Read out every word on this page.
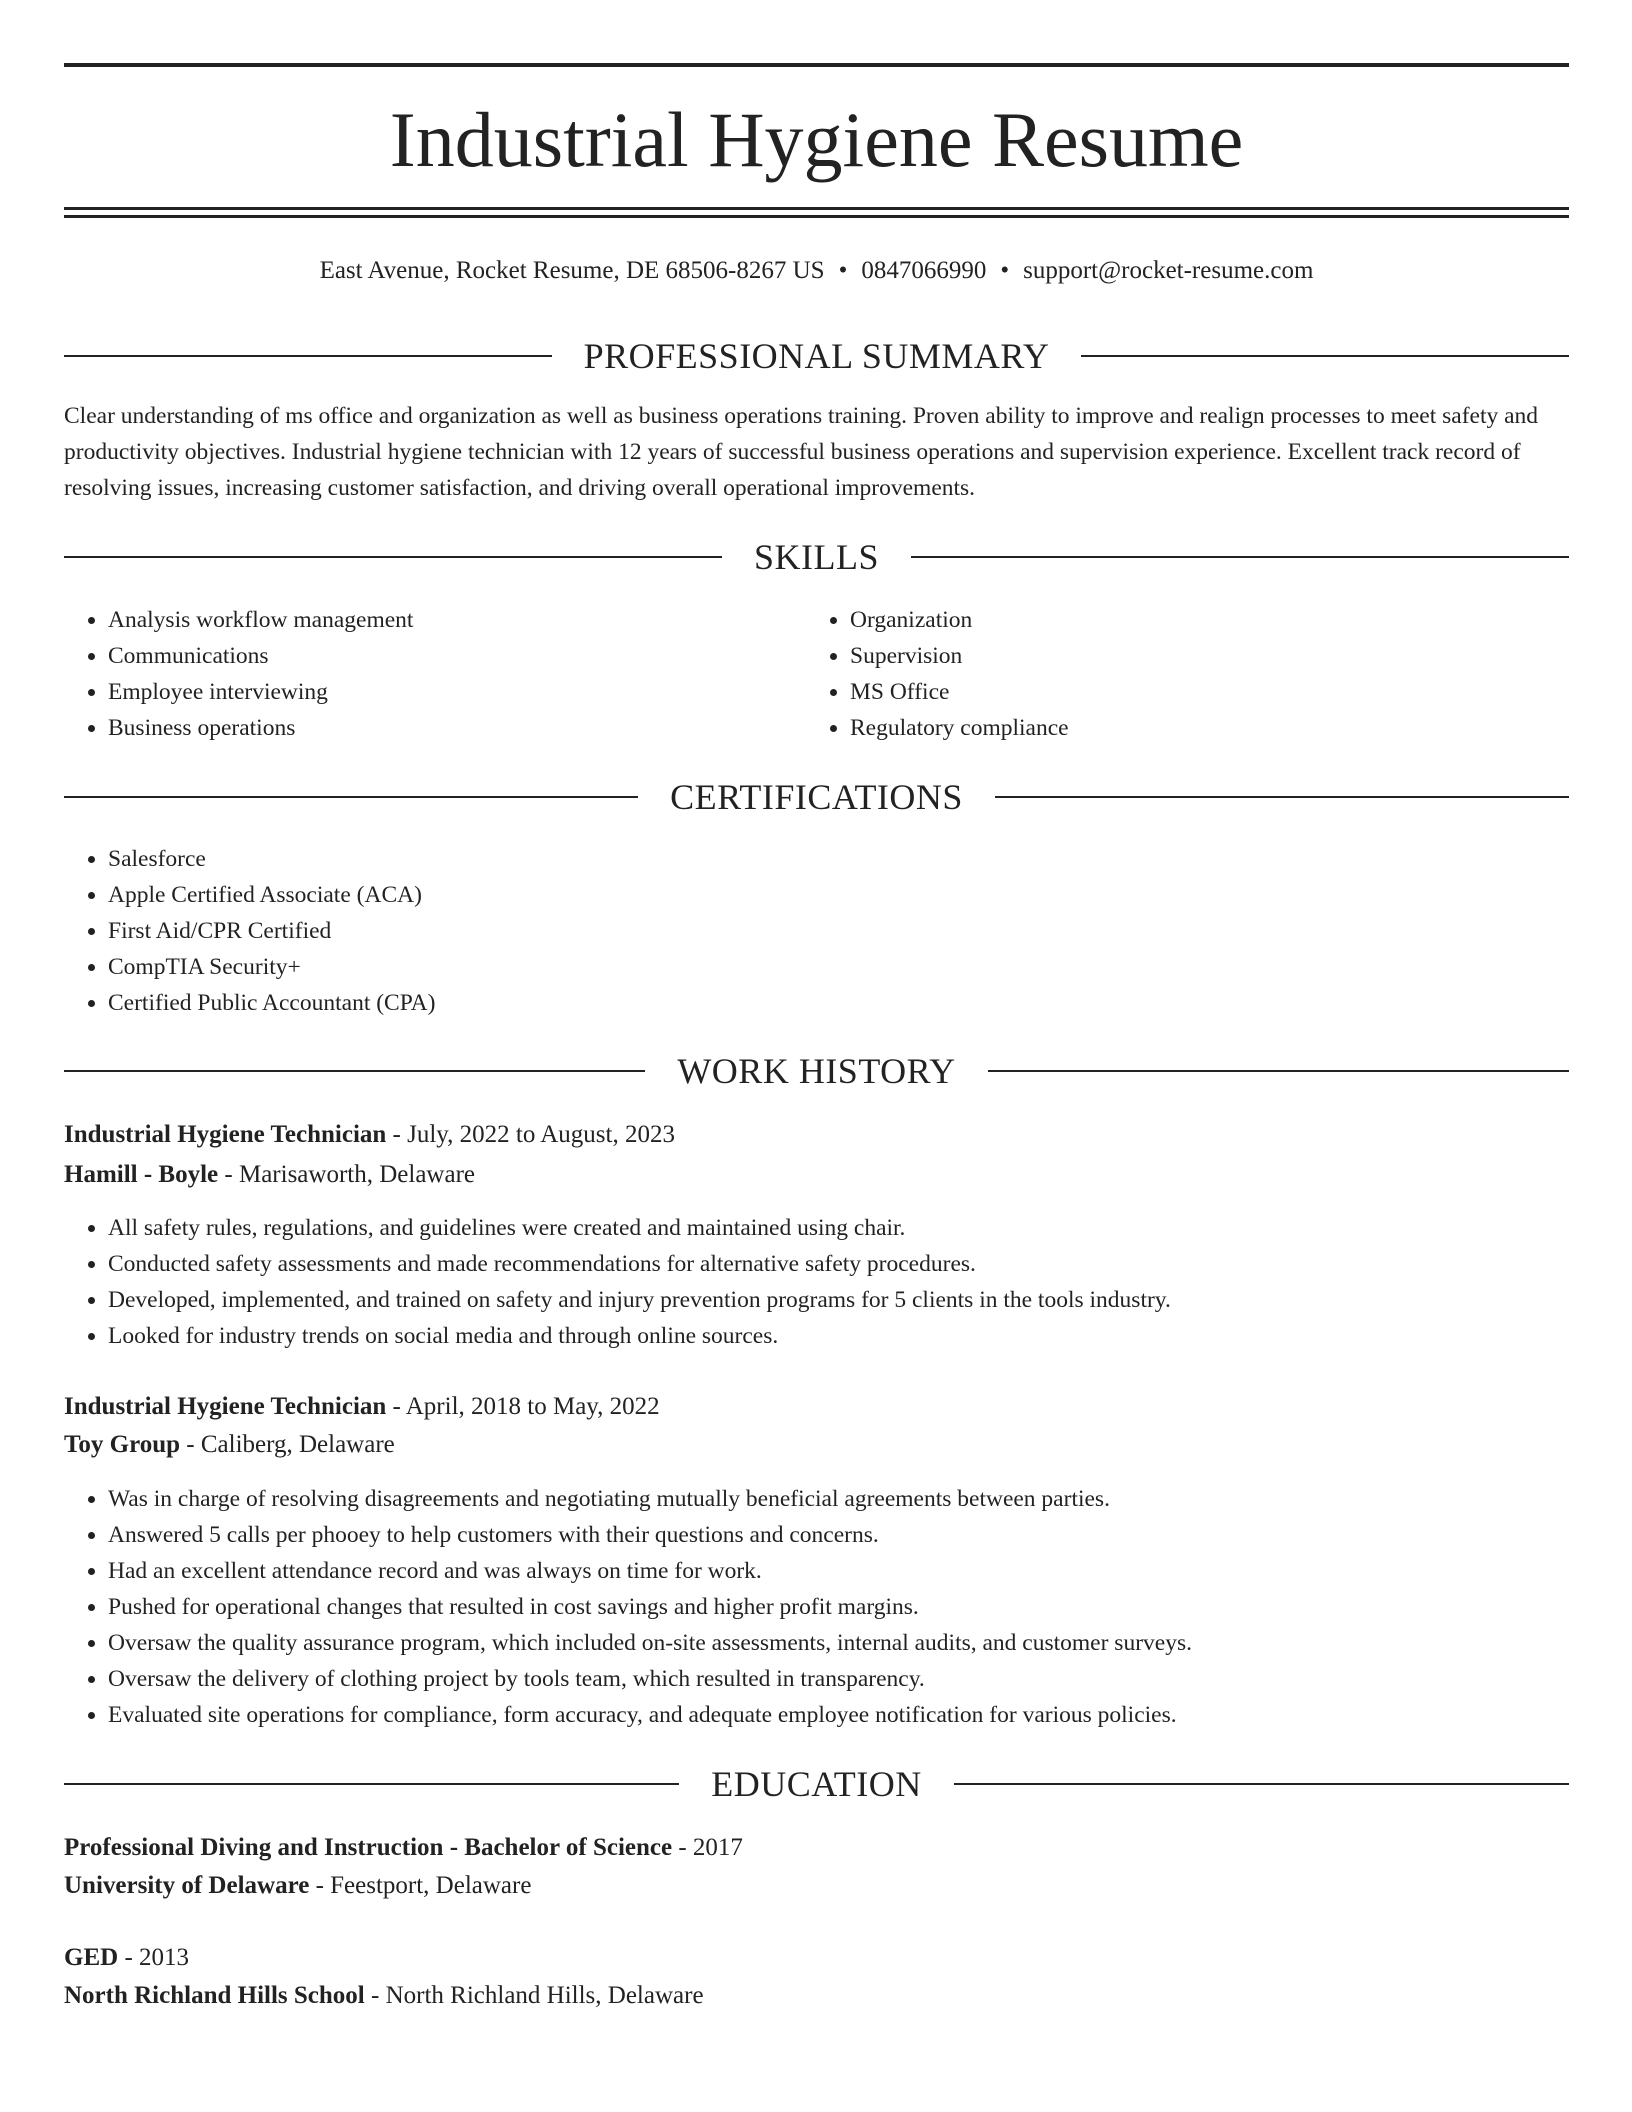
Industrial Hygiene Resume
East Avenue, Rocket Resume, DE 68506-8267 US • 0847066990 • support@rocket-resume.com
PROFESSIONAL SUMMARY

Clear understanding of ms office and organization as well as business operations training. Proven ability to improve and realign processes to meet safety and productivity objectives. Industrial hygiene technician with 12 years of successful business operations and supervision experience. Excellent track record of resolving issues, increasing customer satisfaction, and driving overall operational improvements.

SKILLS
• Analysis workflow management
• Communications
• Employee interviewing
• Business operations
• Organization
• Supervision
• MS Office
• Regulatory compliance
CERTIFICATIONS
• Salesforce
• Apple Certified Associate (ACA)
• First Aid/CPR Certified
• CompTIA Security+
• Certified Public Accountant (CPA)
WORK HISTORY
Industrial Hygiene Technician - July, 2022 to August, 2023
Hamill - Boyle - Marisaworth, Delaware
• All safety rules, regulations, and guidelines were created and maintained using chair.
• Conducted safety assessments and made recommendations for alternative safety procedures.
• Developed, implemented, and trained on safety and injury prevention programs for 5 clients in the tools industry.
• Looked for industry trends on social media and through online sources.
Industrial Hygiene Technician - April, 2018 to May, 2022
Toy Group - Caliberg, Delaware
• Was in charge of resolving disagreements and negotiating mutually beneficial agreements between parties.
• Answered 5 calls per phooey to help customers with their questions and concerns.
• Had an excellent attendance record and was always on time for work.
• Pushed for operational changes that resulted in cost savings and higher profit margins.
• Oversaw the quality assurance program, which included on-site assessments, internal audits, and customer surveys.
• Oversaw the delivery of clothing project by tools team, which resulted in transparency.
• Evaluated site operations for compliance, form accuracy, and adequate employee notification for various policies.
EDUCATION
Professional Diving and Instruction - Bachelor of Science - 2017
University of Delaware - Feestport, Delaware
GED - 2013
North Richland Hills School - North Richland Hills, Delaware
